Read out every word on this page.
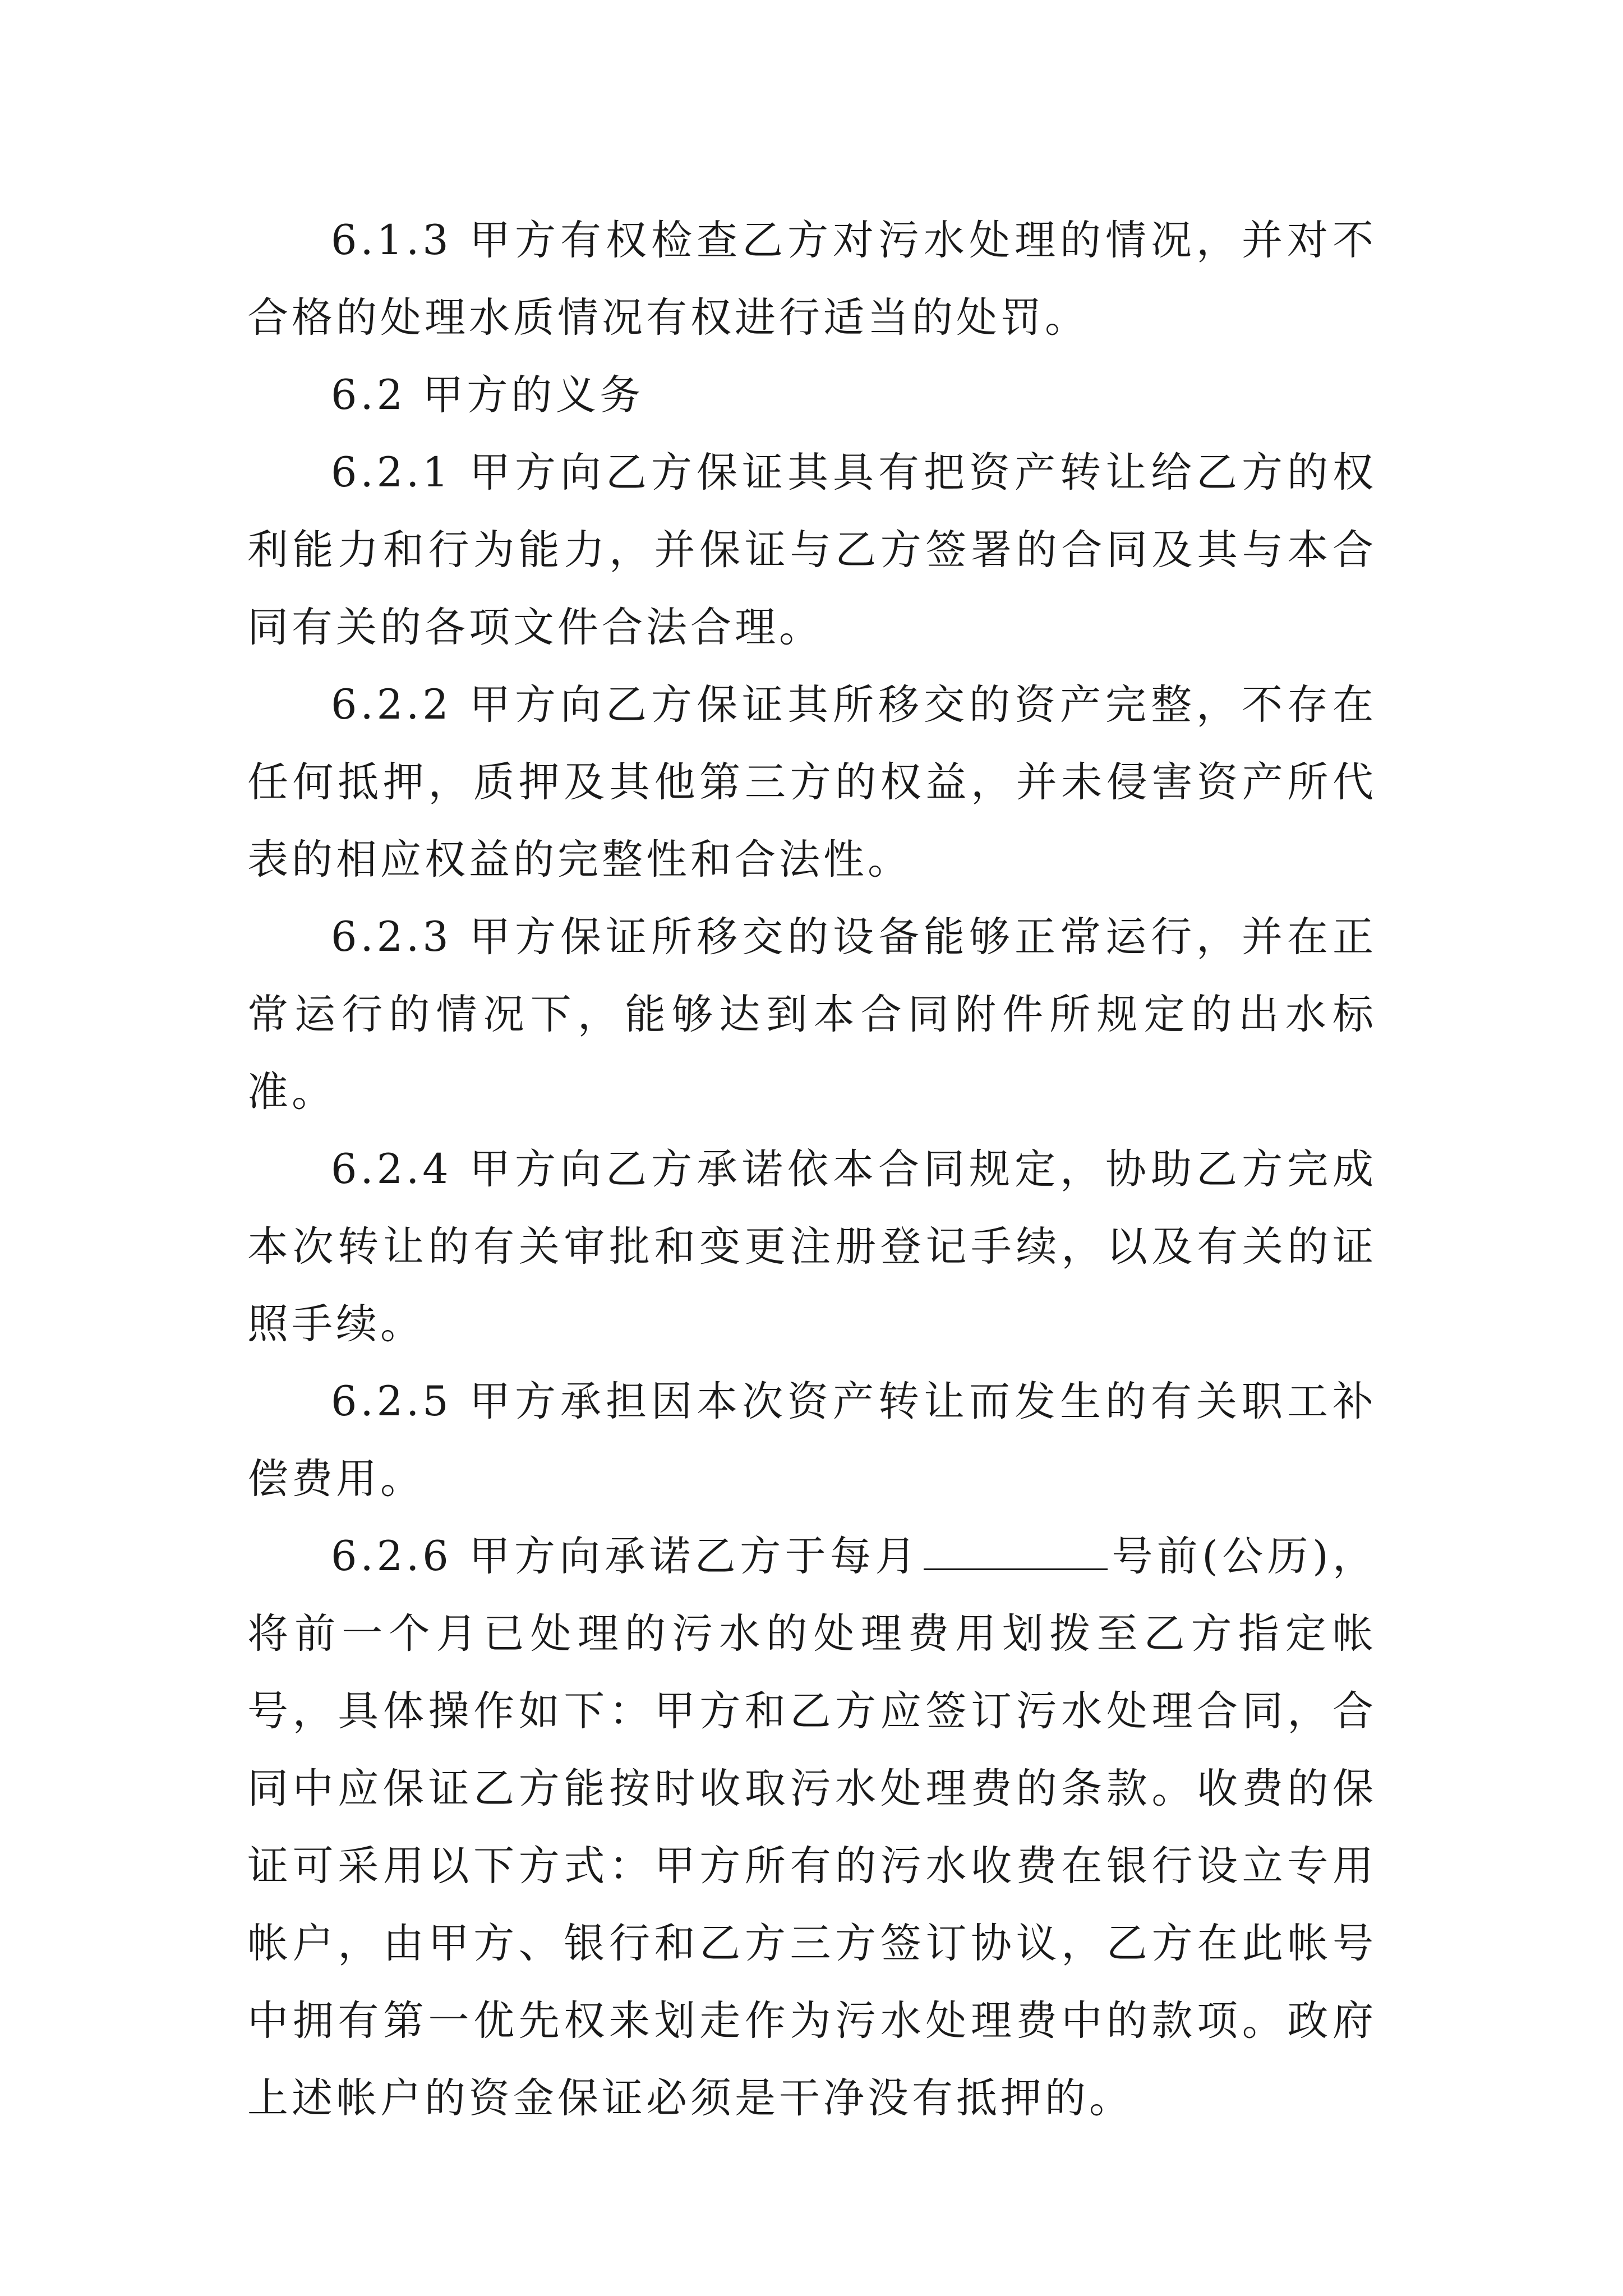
6.1.3 甲方有权检查乙方对污水处理的情况，并对不合格的处理水质情况有权进行适当的处罚。

6.2 甲方的义务

6.2.1 甲方向乙方保证其具有把资产转让给乙方的权利能力和行为能力，并保证与乙方签署的合同及其与本合同有关的各项文件合法合理。

6.2.2 甲方向乙方保证其所移交的资产完整，不存在任何抵押，质押及其他第三方的权益，并未侵害资产所代表的相应权益的完整性和合法性。

6.2.3 甲方保证所移交的设备能够正常运行，并在正常运行的情况下，能够达到本合同附件所规定的出水标准。

6.2.4 甲方向乙方承诺依本合同规定，协助乙方完成本次转让的有关审批和变更注册登记手续，以及有关的证照手续。

6.2.5 甲方承担因本次资产转让而发生的有关职工补偿费用。

6.2.6 甲方向承诺乙方于每月	号前(公历)，将前一个月已处理的污水的处理费用划拨至乙方指定帐号，具体操作如下：甲方和乙方应签订污水处理合同，合同中应保证乙方能按时收取污水处理费的条款。收费的保证可采用以下方式：甲方所有的污水收费在银行设立专用帐户，由甲方、银行和乙方三方签订协议，乙方在此帐号中拥有第一优先权来划走作为污水处理费中的款项。政府上述帐户的资金保证必须是干净没有抵押的。
